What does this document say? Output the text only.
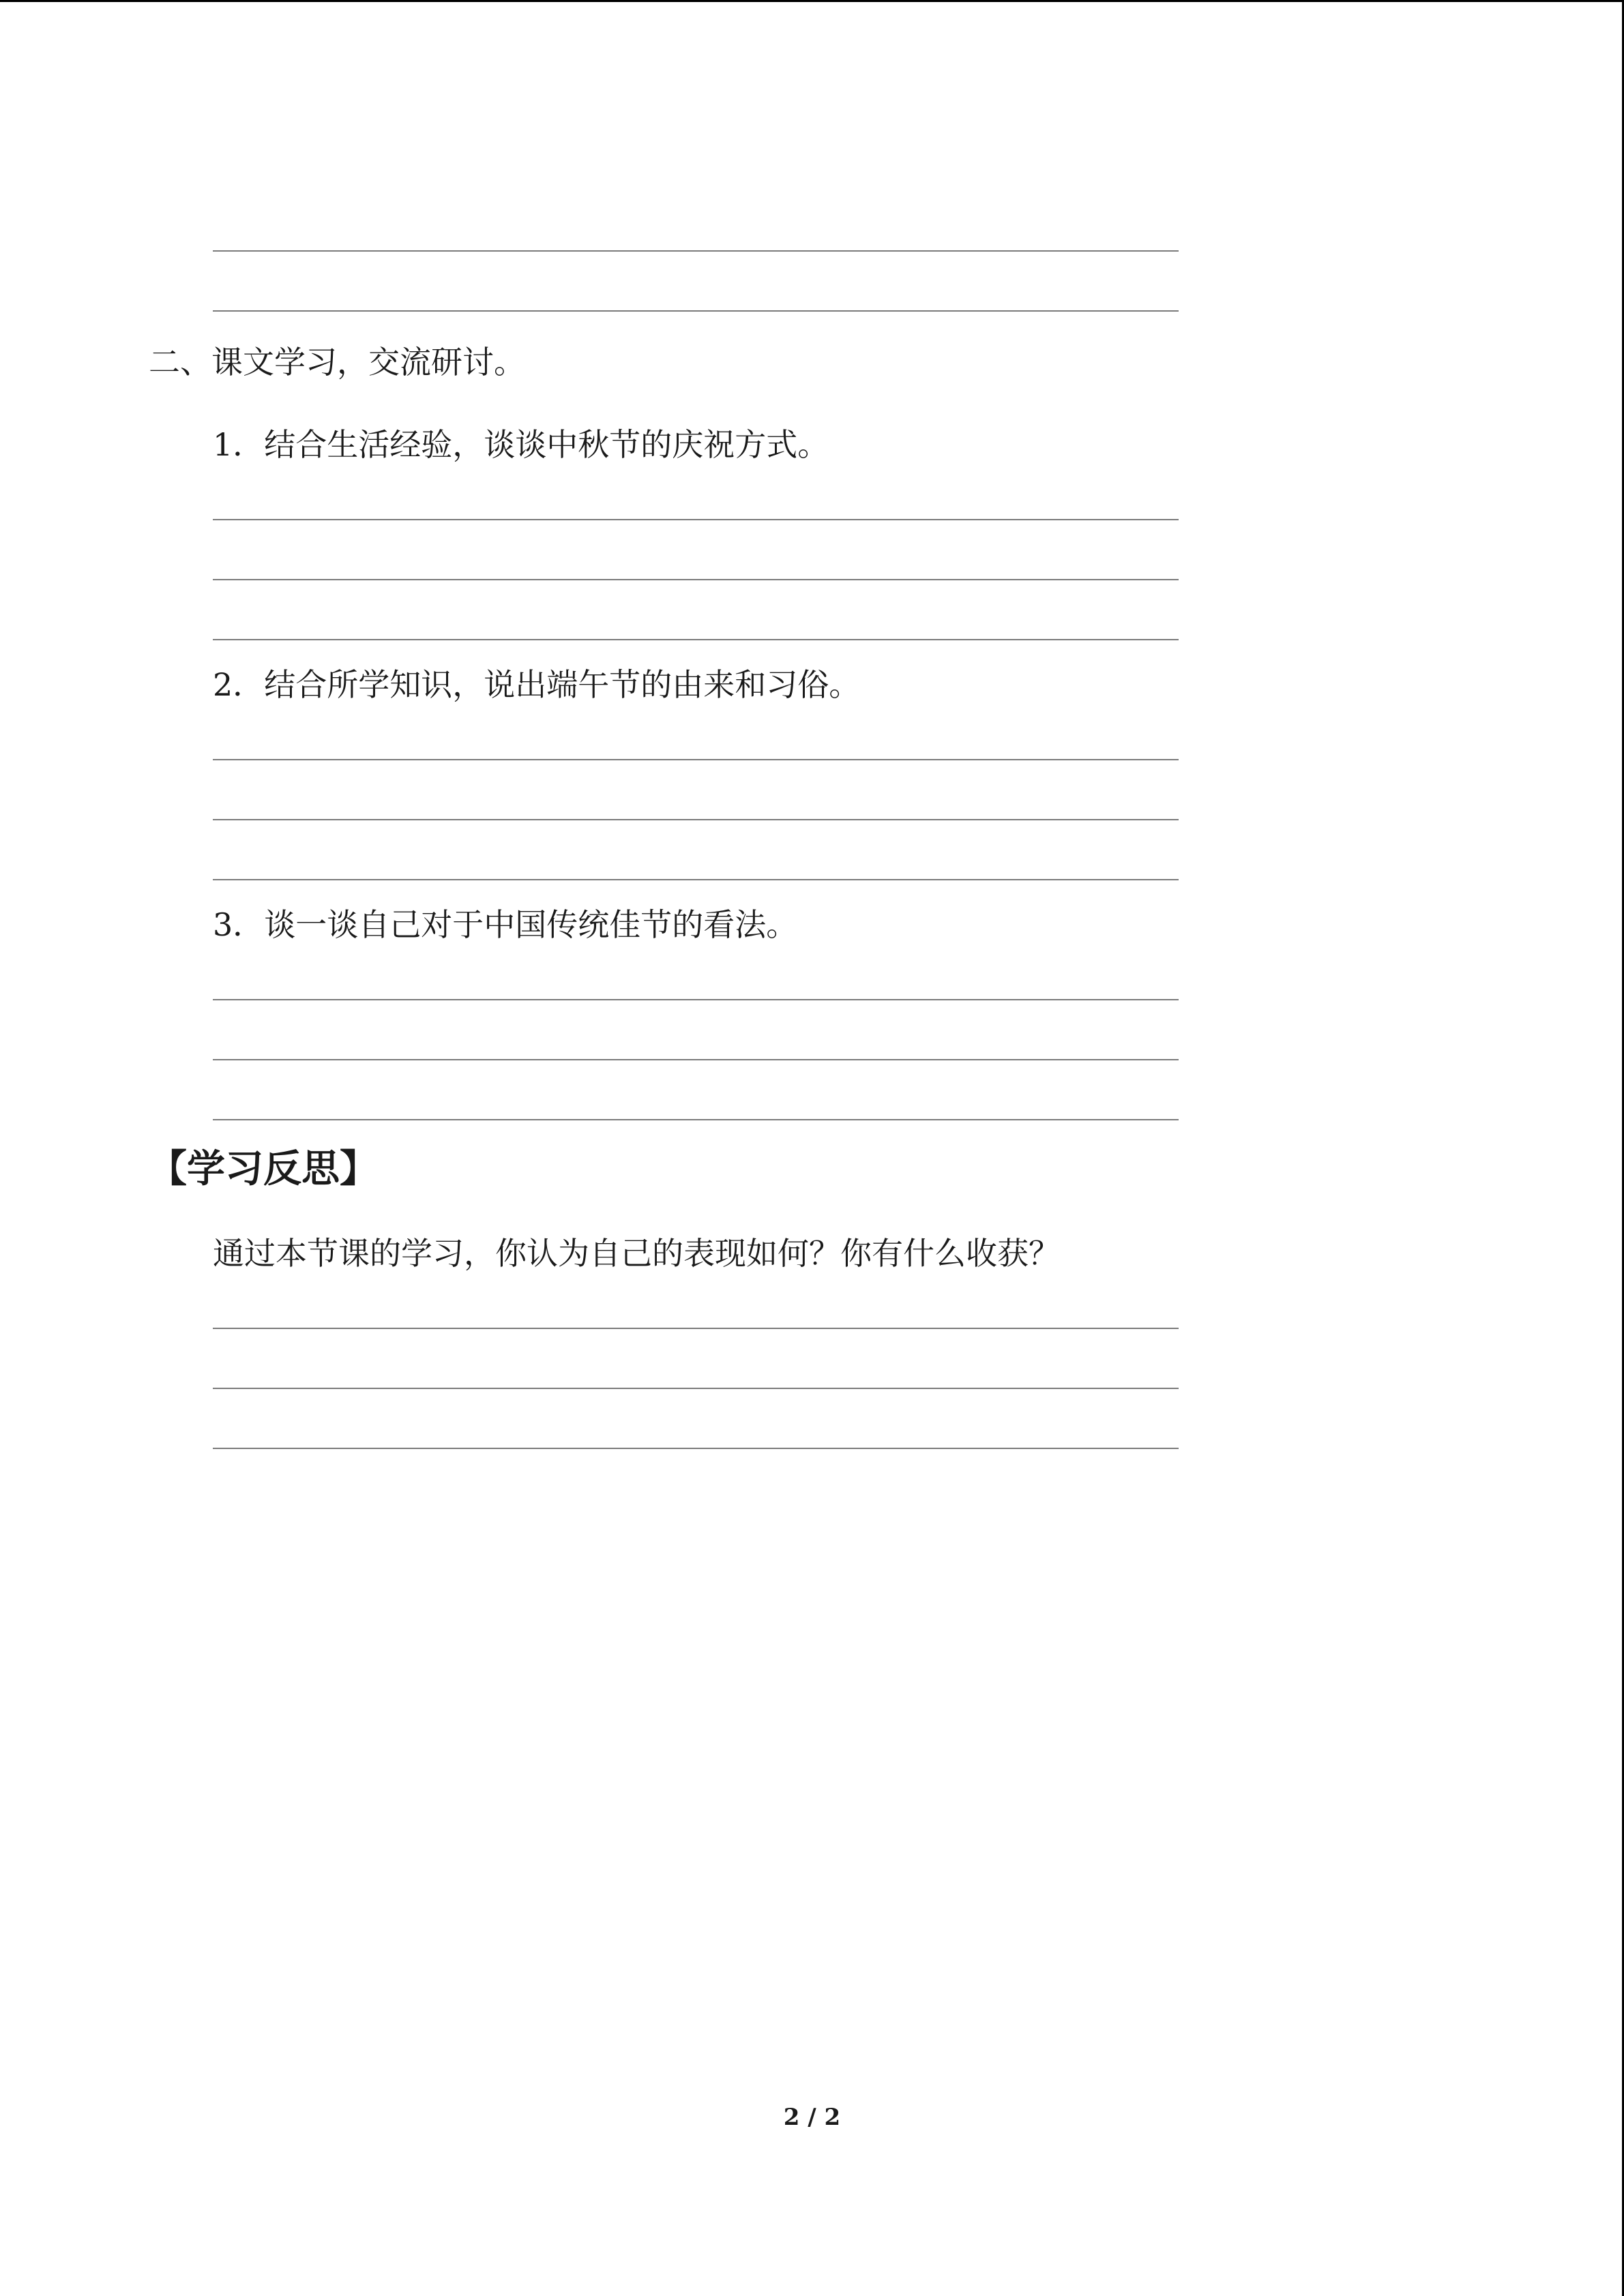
二、课文学习，交流研讨。
1．结合生活经验，谈谈中秋节的庆祝方式。
2．结合所学知识，说出端午节的由来和习俗。
3．谈一谈自己对于中国传统佳节的看法。
【学习反思】
通过本节课的学习，你认为自己的表现如何？你有什么收获？
2 / 2
